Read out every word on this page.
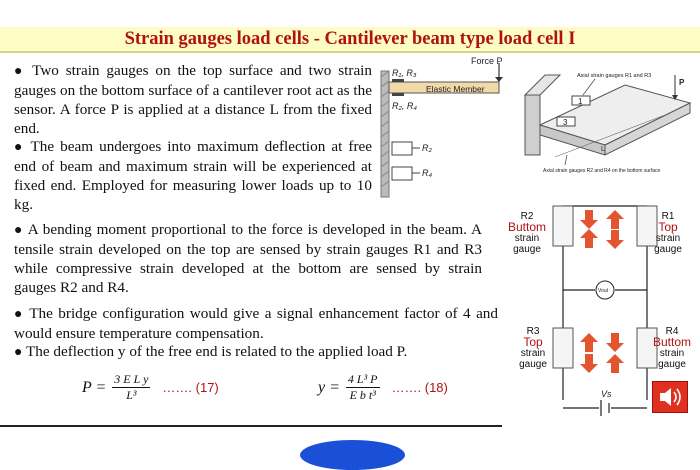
Strain gauges load cells - Cantilever beam type load cell I

● Two strain gauges on the top surface and two strain gauges on the bottom surface of a cantilever root act as the sensor. A force P is applied at a distance L from the fixed end.

● The beam undergoes into maximum deflection at free end of beam and maximum strain will be experienced at fixed end. Employed for measuring lower loads up to 10 kg.

● A bending moment proportional to the force is developed in the beam. A tensile strain developed on the top are sensed by strain gauges R1 and R3 while compressive strain developed at the bottom are sensed by strain gauges R2 and R4.

● The bridge configuration would give a signal enhancement factor of 4 and would ensure temperature compensation.

● The deflection y of the free end is related to the applied load P.

$P = \frac{\text{3 E L y}}{\text{L³}}$ ……. (17)	$y = \frac{\text{4 L³ P}}{\text{E b t³}}$ ……. (18)
Force P
R₁, R₃
R₂, R₄
Elastic Member
R₂
R₄
1
3
Axial strain gauges R1 and R3
P
L
Axial strain gauges R2 and R4 on the bottom surface
Vout
Vs
R2
Buttom
strain
gauge
R1
Top
strain
gauge
R3
Top
strain
gauge
R4
Buttom
strain
gauge
